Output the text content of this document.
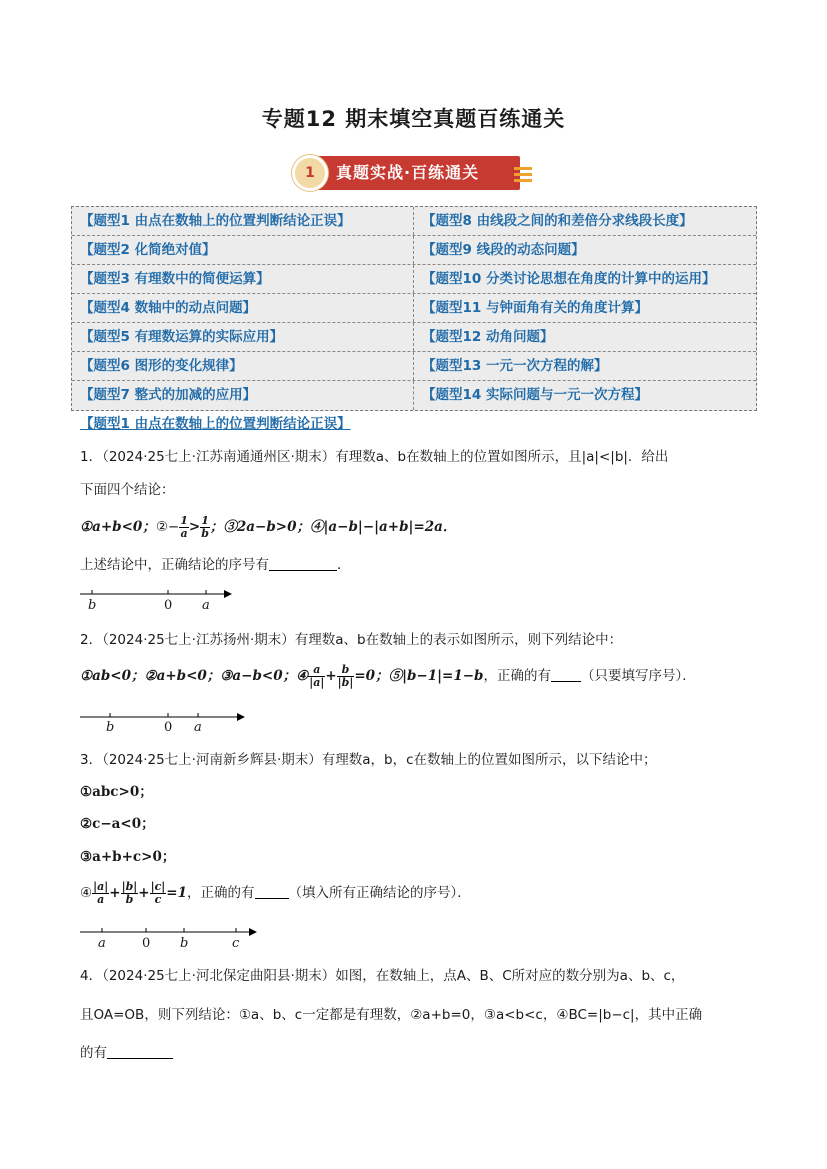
专题12 期末填空真题百练通关
1	真题实战·百练通关
【题型1 由点在数轴上的位置判断结论正误】	【题型8 由线段之间的和差倍分求线段长度】
【题型2 化简绝对值】	【题型9 线段的动态问题】
【题型3 有理数中的简便运算】	【题型10 分类讨论思想在角度的计算中的运用】
【题型4 数轴中的动点问题】	【题型11 与钟面角有关的角度计算】
【题型5 有理数运算的实际应用】	【题型12 动角问题】
【题型6 图形的变化规律】	【题型13 一元一次方程的解】
【题型7 整式的加减的应用】	【题型14 实际问题与一元一次方程】
【题型1 由点在数轴上的位置判断结论正误】
1．（2024·25七上·江苏南通通州区·期末）有理数a、b在数轴上的位置如图所示，且|a|<|b|．给出
下面四个结论：
①a+b<0；②− $\frac{1}{a} > \frac{1}{b}$ ；③2a−b>0；④|a−b|−|a+b|=2a．
上述结论中，正确结论的序号有	．
b	0 a
2．（2024·25七上·江苏扬州·期末）有理数a、b在数轴上的表示如图所示，则下列结论中：
①ab<0；②a+b<0；③a−b<0；④ $\frac{a}{|a|} + \frac{b}{|b|} =0$；⑤|b−1|=1−b，正确的有 （只要填写序号）．
b	0 a
3．（2024·25七上·河南新乡辉县·期末）有理数a，b，c在数轴上的位置如图所示，以下结论中；
①abc>0；
②c−a<0；
③a+b+c>0；
④ $\frac{|a|}{a} + \frac{|b|}{b} + \frac{|c|}{c} =1$，正确的有	（填入所有正确结论的序号）．
a	0 b	c
4．（2024·25七上·河北保定曲阳县·期末）如图，在数轴上，点A、B、C所对应的数分别为a、b、c，
且OA=OB，则下列结论：①a、b、c一定都是有理数，②a+b=0，③a<b<c，④BC=|b−c|，其中正确
的有
